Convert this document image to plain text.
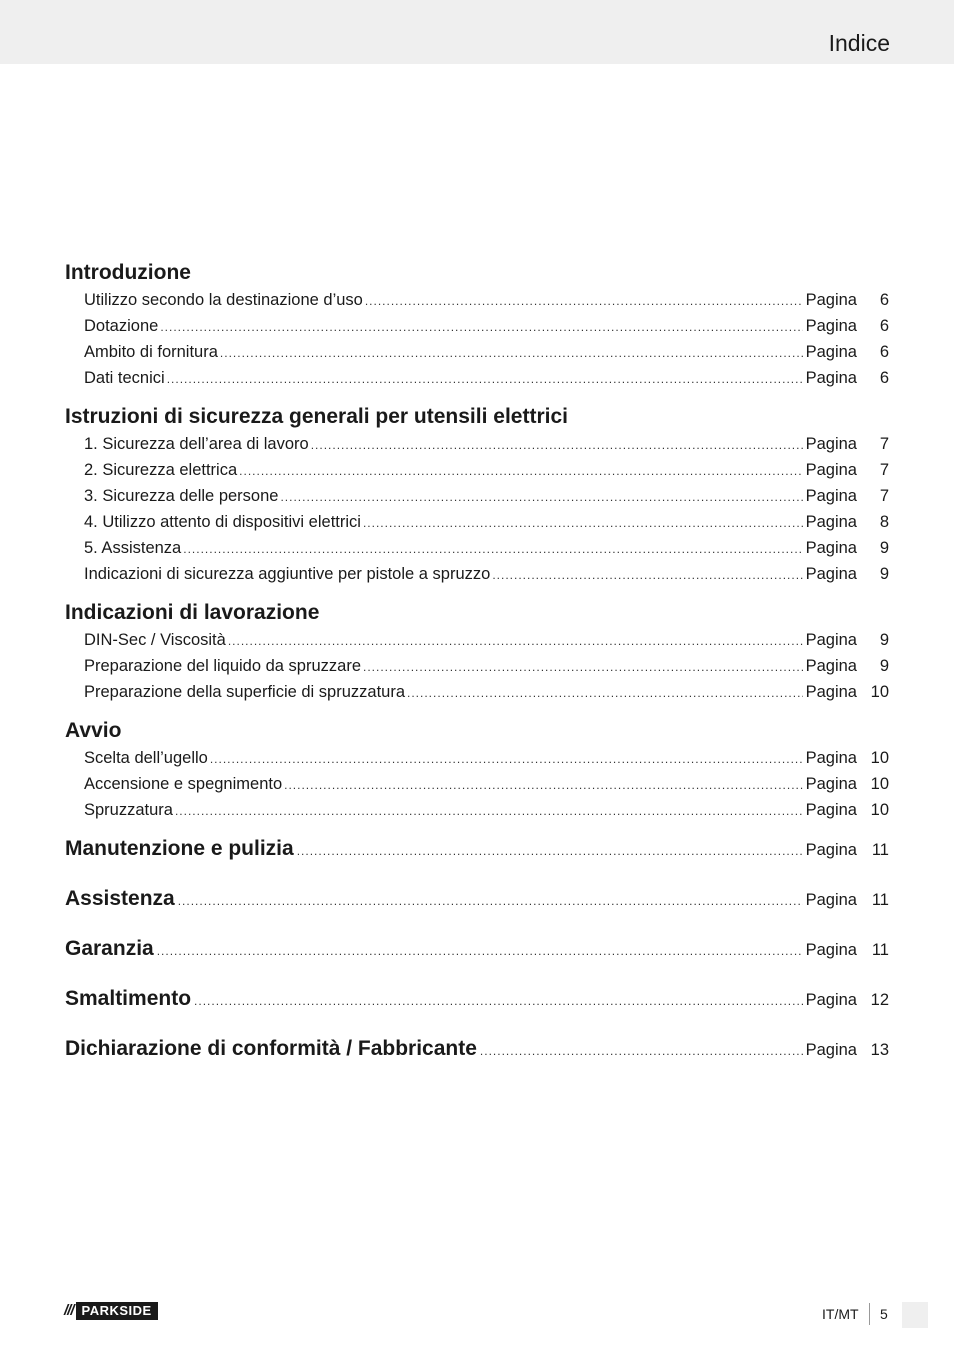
Indice
Introduzione
Utilizzo secondo la destinazione d’uso .....	Pagina	6
Dotazione .....	Pagina	6
Ambito di fornitura .....	Pagina	6
Dati tecnici .....	Pagina	6
Istruzioni di sicurezza generali per utensili elettrici
1. Sicurezza dell’area di lavoro .....	Pagina	7
2. Sicurezza elettrica .....	Pagina	7
3. Sicurezza delle persone .....	Pagina	7
4. Utilizzo attento di dispositivi elettrici .....	Pagina	8
5. Assistenza .....	Pagina	9
Indicazioni di sicurezza aggiuntive per pistole a spruzzo .....	Pagina	9
Indicazioni di lavorazione
DIN-Sec / Viscosità .....	Pagina	9
Preparazione del liquido da spruzzare .....	Pagina	9
Preparazione della superficie di spruzzatura .....	Pagina 10
Avvio
Scelta dell’ugello .....	Pagina 10
Accensione e spegnimento .....	Pagina 10
Spruzzatura .....	Pagina 10
Manutenzione e pulizia .....	Pagina 11
Assistenza .....	Pagina 11
Garanzia .....	Pagina 11
Smaltimento .....	Pagina 12
Dichiarazione di conformità / Fabbricante .....	Pagina 13
/// PARKSIDE	IT/MT 5
